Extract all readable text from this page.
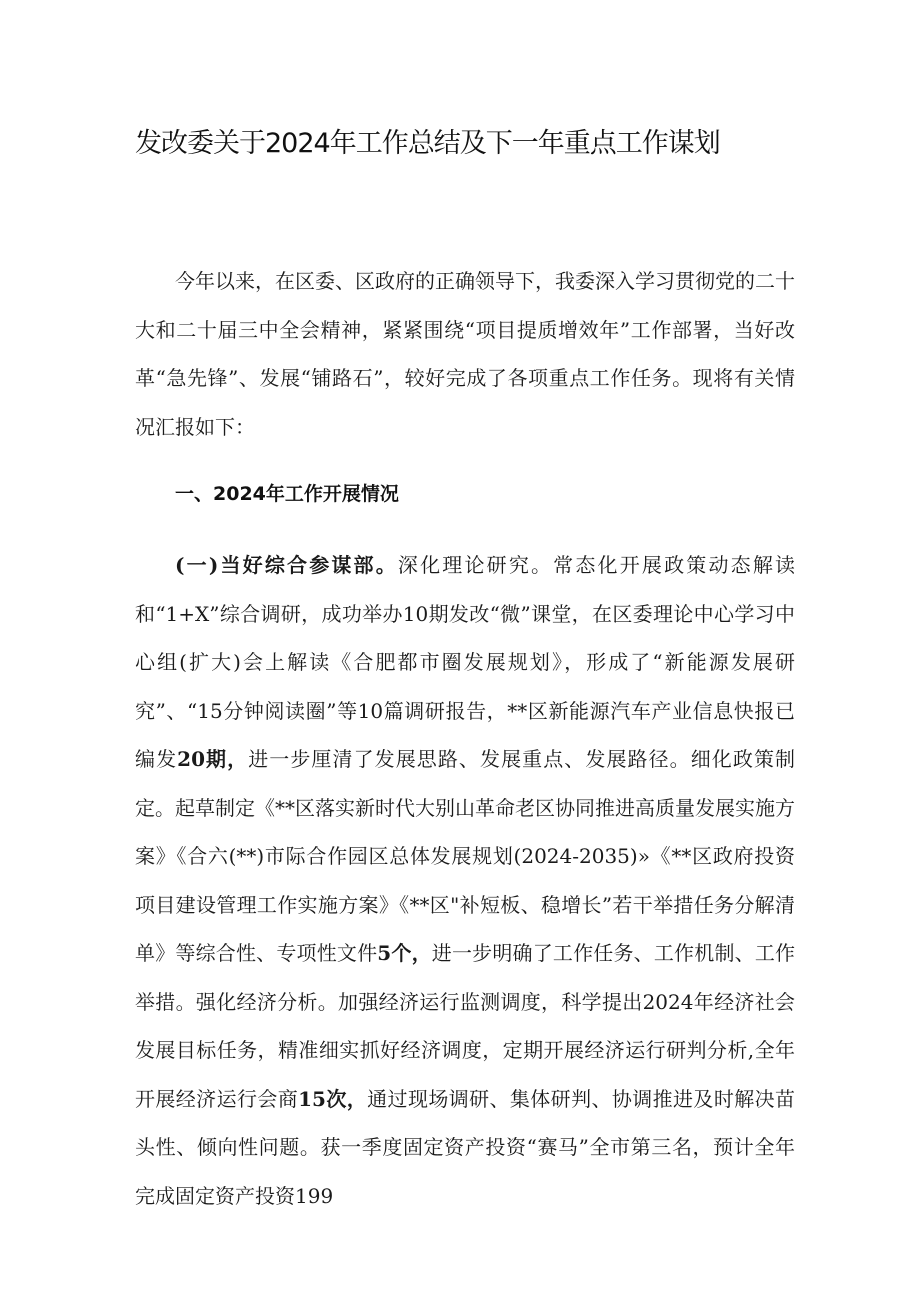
发改委关于2024年工作总结及下一年重点工作谋划

今年以来，在区委、区政府的正确领导下，我委深入学习贯彻党的二十大和二十届三中全会精神，紧紧围绕“项目提质增效年”工作部署，当好改革“急先锋”、发展“铺路石”，较好完成了各项重点工作任务。现将有关情况汇报如下：

一、2024年工作开展情况

(一)当好综合参谋部。深化理论研究。常态化开展政策动态解读和“1+X”综合调研，成功举办10期发改“微”课堂，在区委理论中心学习中心组(扩大)会上解读《合肥都市圈发展规划》，形成了“新能源发展研究”、“15分钟阅读圈”等10篇调研报告，**区新能源汽车产业信息快报已编发20期，进一步厘清了发展思路、发展重点、发展路径。细化政策制定。起草制定《**区落实新时代大别山革命老区协同推进高质量发展实施方案》《合六(**)市际合作园区总体发展规划(2024-2035)»《**区政府投资项目建设管理工作实施方案》《**区"补短板、稳增长”若干举措任务分解清单》等综合性、专项性文件5个，进一步明确了工作任务、工作机制、工作举措。强化经济分析。加强经济运行监测调度，科学提出2024年经济社会发展目标任务，精准细实抓好经济调度，定期开展经济运行研判分析,全年开展经济运行会商15次，通过现场调研、集体研判、协调推进及时解决苗头性、倾向性问题。获一季度固定资产投资“赛马”全市第三名，预计全年完成固定资产投资199
